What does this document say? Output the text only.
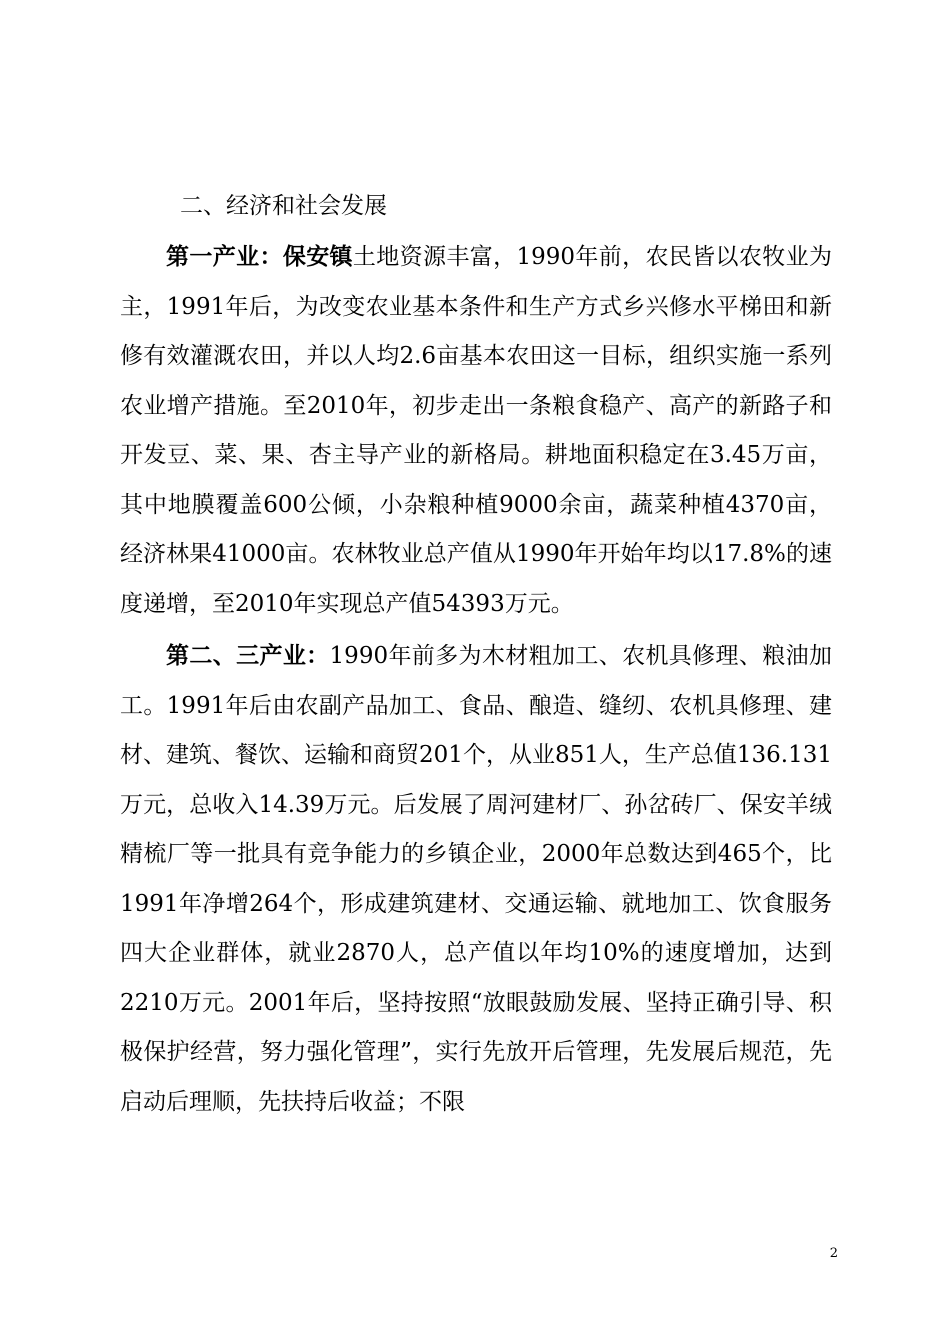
二、经济和社会发展

第一产业：保安镇土地资源丰富，1990年前，农民皆以农牧业为主，1991年后，为改变农业基本条件和生产方式乡兴修水平梯田和新修有效灌溉农田，并以人均2.6亩基本农田这一目标，组织实施一系列农业增产措施。至2010年，初步走出一条粮食稳产、高产的新路子和开发豆、菜、果、杏主导产业的新格局。耕地面积稳定在3.45万亩，其中地膜覆盖600公倾，小杂粮种植9000余亩，蔬菜种植4370亩，经济林果41000亩。农林牧业总产值从1990年开始年均以17.8%的速度递增，至2010年实现总产值54393万元。

第二、三产业：1990年前多为木材粗加工、农机具修理、粮油加工。1991年后由农副产品加工、食品、酿造、缝纫、农机具修理、建材、建筑、餐饮、运输和商贸201个，从业851人，生产总值136.131万元，总收入14.39万元。后发展了周河建材厂、孙岔砖厂、保安羊绒精梳厂等一批具有竞争能力的乡镇企业，2000年总数达到465个，比1991年净增264个，形成建筑建材、交通运输、就地加工、饮食服务四大企业群体，就业2870人，总产值以年均10%的速度增加，达到2210万元。2001年后，坚持按照“放眼鼓励发展、坚持正确引导、积极保护经营，努力强化管理”，实行先放开后管理，先发展后规范，先启动后理顺，先扶持后收益；不限

2
